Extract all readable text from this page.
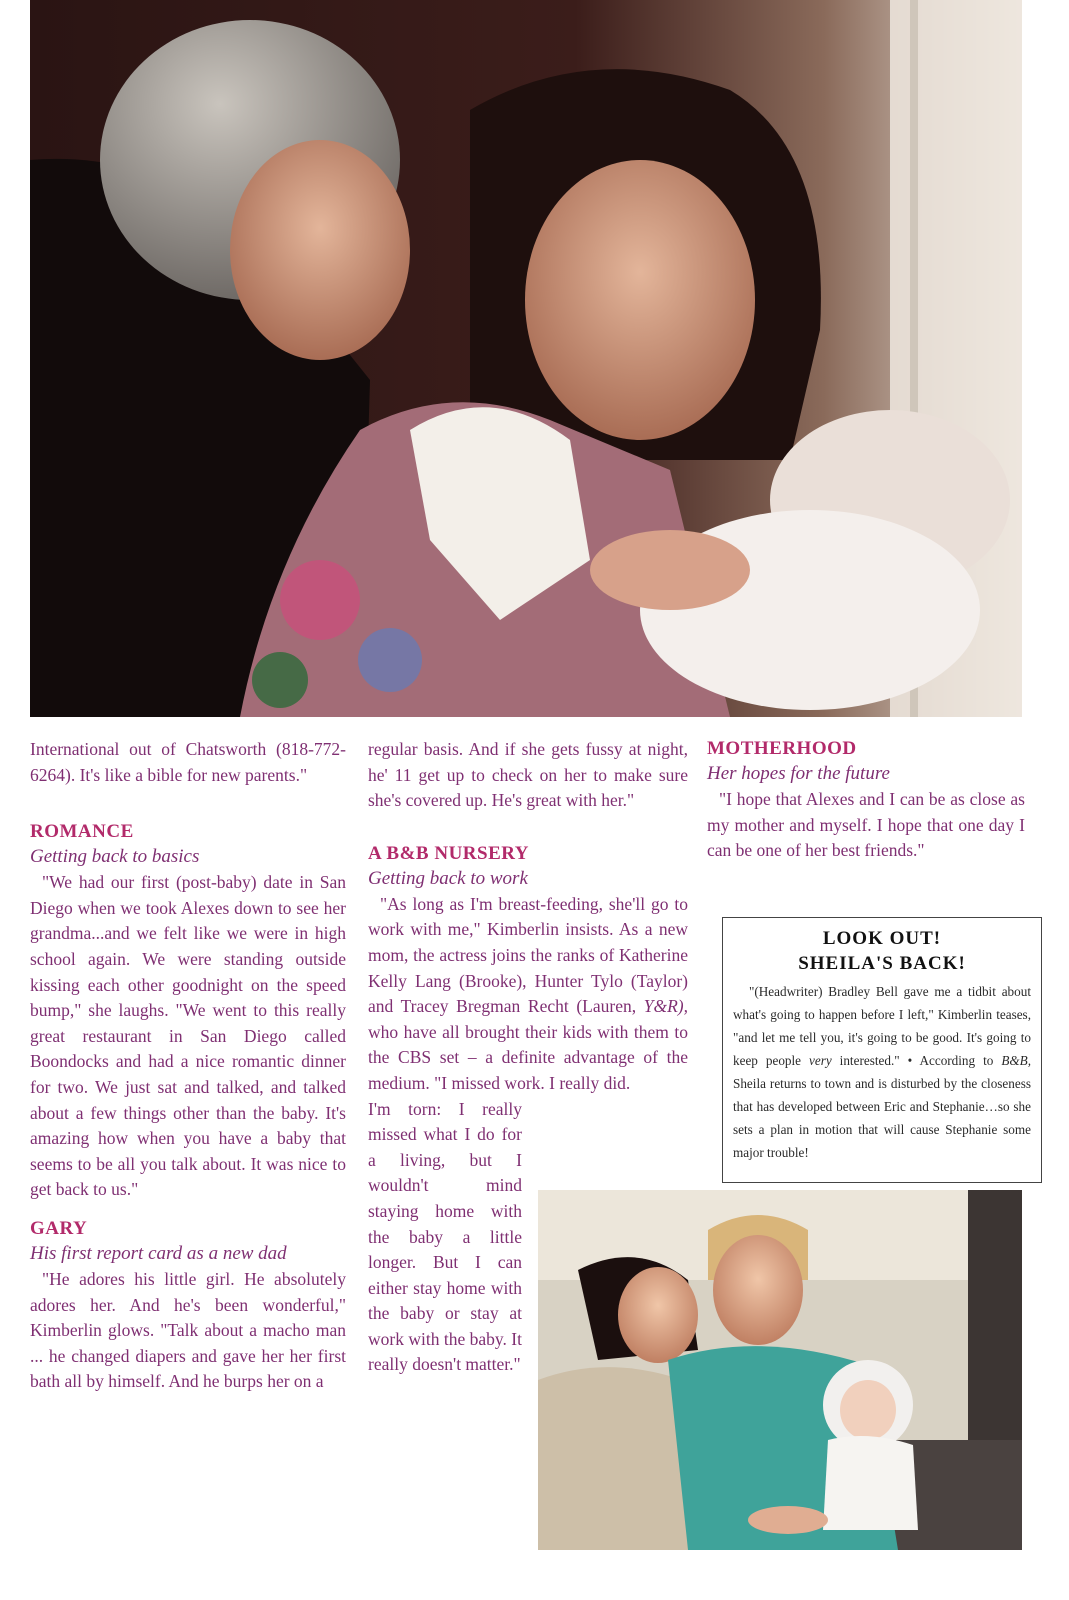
International out of Chatsworth (818-772-6264). It's like a bible for new parents."

ROMANCE
Getting back to basics

"We had our first (post-baby) date in San Diego when we took Alexes down to see her grandma...and we felt like we were in high school again. We were standing outside kissing each other goodnight on the speed bump," she laughs. "We went to this really great restaurant in San Diego called Boondocks and had a nice romantic dinner for two. We just sat and talked, and talked about a few things other than the baby. It's amazing how when you have a baby that seems to be all you talk about. It was nice to get back to us."

GARY
His first report card as a new dad

"He adores his little girl. He absolutely adores her. And he's been wonderful," Kimberlin glows. "Talk about a macho man ... he changed diapers and gave her her first bath all by himself. And he burps her on a

regular basis. And if she gets fussy at night, he' 11 get up to check on her to make sure she's covered up. He's great with her."

A B&B NURSERY
Getting back to work

"As long as I'm breast-feeding, she'll go to work with me," Kimberlin insists. As a new mom, the actress joins the ranks of Katherine Kelly Lang (Brooke), Hunter Tylo (Taylor) and Tracey Bregman Recht (Lauren, Y&R), who have all brought their kids with them to the CBS set – a definite advantage of the medium. "I missed work. I really did.

I'm torn: I really missed what I do for a living, but I wouldn't mind staying home with the baby a little longer. But I can either stay home with the baby or stay at work with the baby. It really doesn't matter."

MOTHERHOOD
Her hopes for the future

"I hope that Alexes and I can be as close as my mother and myself. I hope that one day I can be one of her best friends."

LOOK OUT!
SHEILA'S BACK!

"(Headwriter) Bradley Bell gave me a tidbit about what's going to happen before I left," Kimberlin teases, "and let me tell you, it's going to be good. It's going to keep people very interested." • According to B&B, Sheila returns to town and is disturbed by the closeness that has developed between Eric and Stephanie…so she sets a plan in motion that will cause Stephanie some major trouble!
